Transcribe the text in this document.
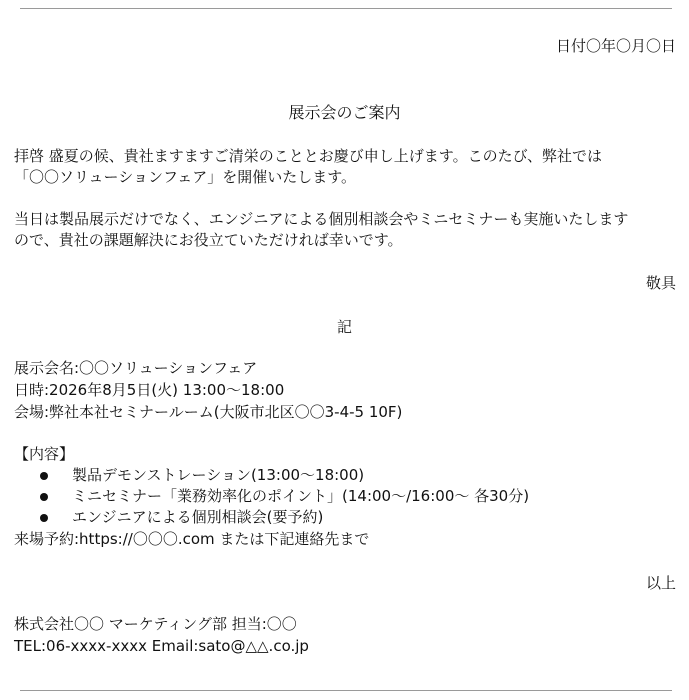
日付〇年〇月〇日
展示会のご案内
拝啓 盛夏の候、貴社ますますご清栄のこととお慶び申し上げます。このたび、弊社では
「〇〇ソリューションフェア」を開催いたします。
当日は製品展示だけでなく、エンジニアによる個別相談会やミニセミナーも実施いたします
ので、貴社の課題解決にお役立ていただければ幸いです。
敬具
記
展示会名:〇〇ソリューションフェア
日時:2026年8月5日(火) 13:00〜18:00
会場:弊社本社セミナールーム(大阪市北区〇〇3-4-5 10F)
【内容】
製品デモンストレーション(13:00〜18:00)
ミニセミナー「業務効率化のポイント」(14:00〜/16:00〜 各30分)
エンジニアによる個別相談会(要予約)
来場予約:https://〇〇〇.com または下記連絡先まで
以上
株式会社〇〇 マーケティング部 担当:〇〇
TEL:06-xxxx-xxxx Email:sato@△△.co.jp
